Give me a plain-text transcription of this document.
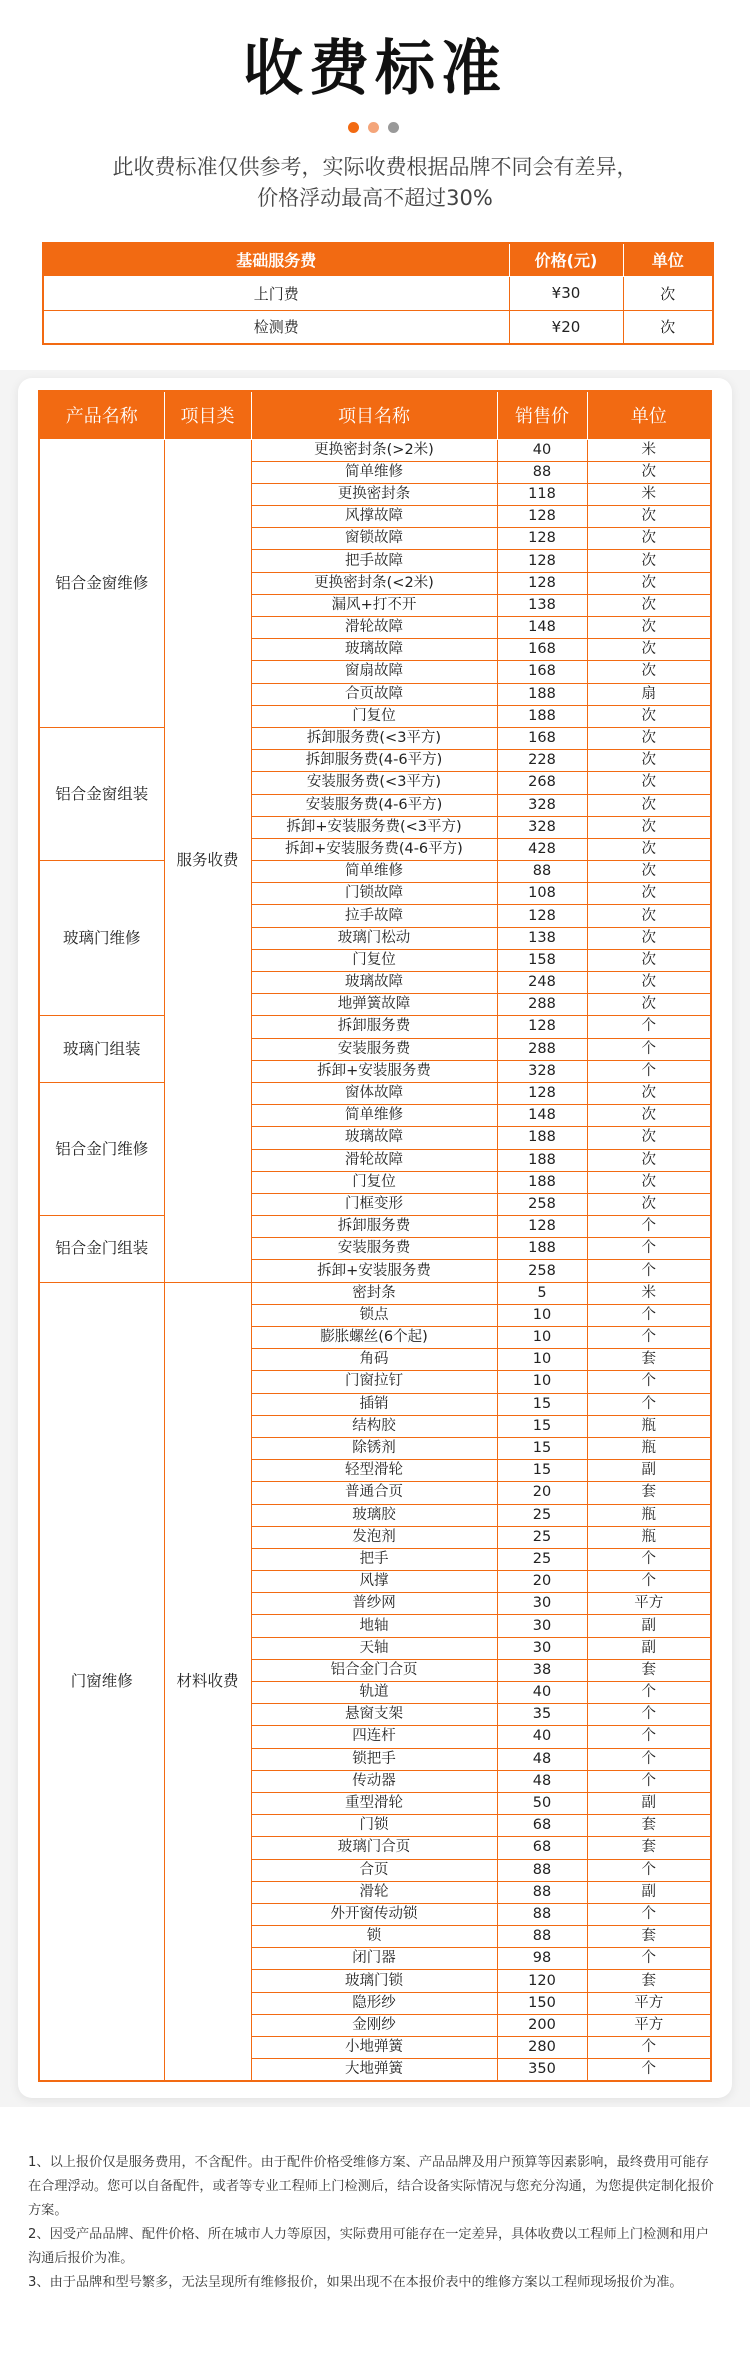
收费标准
此收费标准仅供参考，实际收费根据品牌不同会有差异，
价格浮动最高不超过30%
基础服务费	价格(元)	单位
上门费	¥30	次
检测费	¥20	次
产品名称	项目类	项目名称	销售价	单位
铝合金窗维修	服务收费	更换密封条(>2米)	40	米
		简单维修	88	次
		更换密封条	118	米
		风撑故障	128	次
		窗锁故障	128	次
		把手故障	128	次
		更换密封条(<2米)	128	次
		漏风+打不开	138	次
		滑轮故障	148	次
		玻璃故障	168	次
		窗扇故障	168	次
		合页故障	188	扇
		门复位	188	次
铝合金窗组装		拆卸服务费(<3平方)	168	次
		拆卸服务费(4-6平方)	228	次
		安装服务费(<3平方)	268	次
		安装服务费(4-6平方)	328	次
		拆卸+安装服务费(<3平方)	328	次
		拆卸+安装服务费(4-6平方)	428	次
玻璃门维修		简单维修	88	次
		门锁故障	108	次
		拉手故障	128	次
		玻璃门松动	138	次
		门复位	158	次
		玻璃故障	248	次
		地弹簧故障	288	次
玻璃门组装		拆卸服务费	128	个
		安装服务费	288	个
		拆卸+安装服务费	328	个
铝合金门维修		窗体故障	128	次
		简单维修	148	次
		玻璃故障	188	次
		滑轮故障	188	次
		门复位	188	次
		门框变形	258	次
铝合金门组装		拆卸服务费	128	个
		安装服务费	188	个
		拆卸+安装服务费	258	个
门窗维修	材料收费	密封条	5	米
		锁点	10	个
		膨胀螺丝(6个起)	10	个
		角码	10	套
		门窗拉钉	10	个
		插销	15	个
		结构胶	15	瓶
		除锈剂	15	瓶
		轻型滑轮	15	副
		普通合页	20	套
		玻璃胶	25	瓶
		发泡剂	25	瓶
		把手	25	个
		风撑	20	个
		普纱网	30	平方
		地轴	30	副
		天轴	30	副
		铝合金门合页	38	套
		轨道	40	个
		悬窗支架	35	个
		四连杆	40	个
		锁把手	48	个
		传动器	48	个
		重型滑轮	50	副
		门锁	68	套
		玻璃门合页	68	套
		合页	88	个
		滑轮	88	副
		外开窗传动锁	88	个
		锁	88	套
		闭门器	98	个
		玻璃门锁	120	套
		隐形纱	150	平方
		金刚纱	200	平方
		小地弹簧	280	个
		大地弹簧	350	个

1、以上报价仅是服务费用，不含配件。由于配件价格受维修方案、产品品牌及用户预算等因素影响，最终费用可能存在合理浮动。您可以自备配件，或者等专业工程师上门检测后，结合设备实际情况与您充分沟通，为您提供定制化报价方案。

2、因受产品品牌、配件价格、所在城市人力等原因，实际费用可能存在一定差异，具体收费以工程师上门检测和用户沟通后报价为准。

3、由于品牌和型号繁多，无法呈现所有维修报价，如果出现不在本报价表中的维修方案以工程师现场报价为准。
